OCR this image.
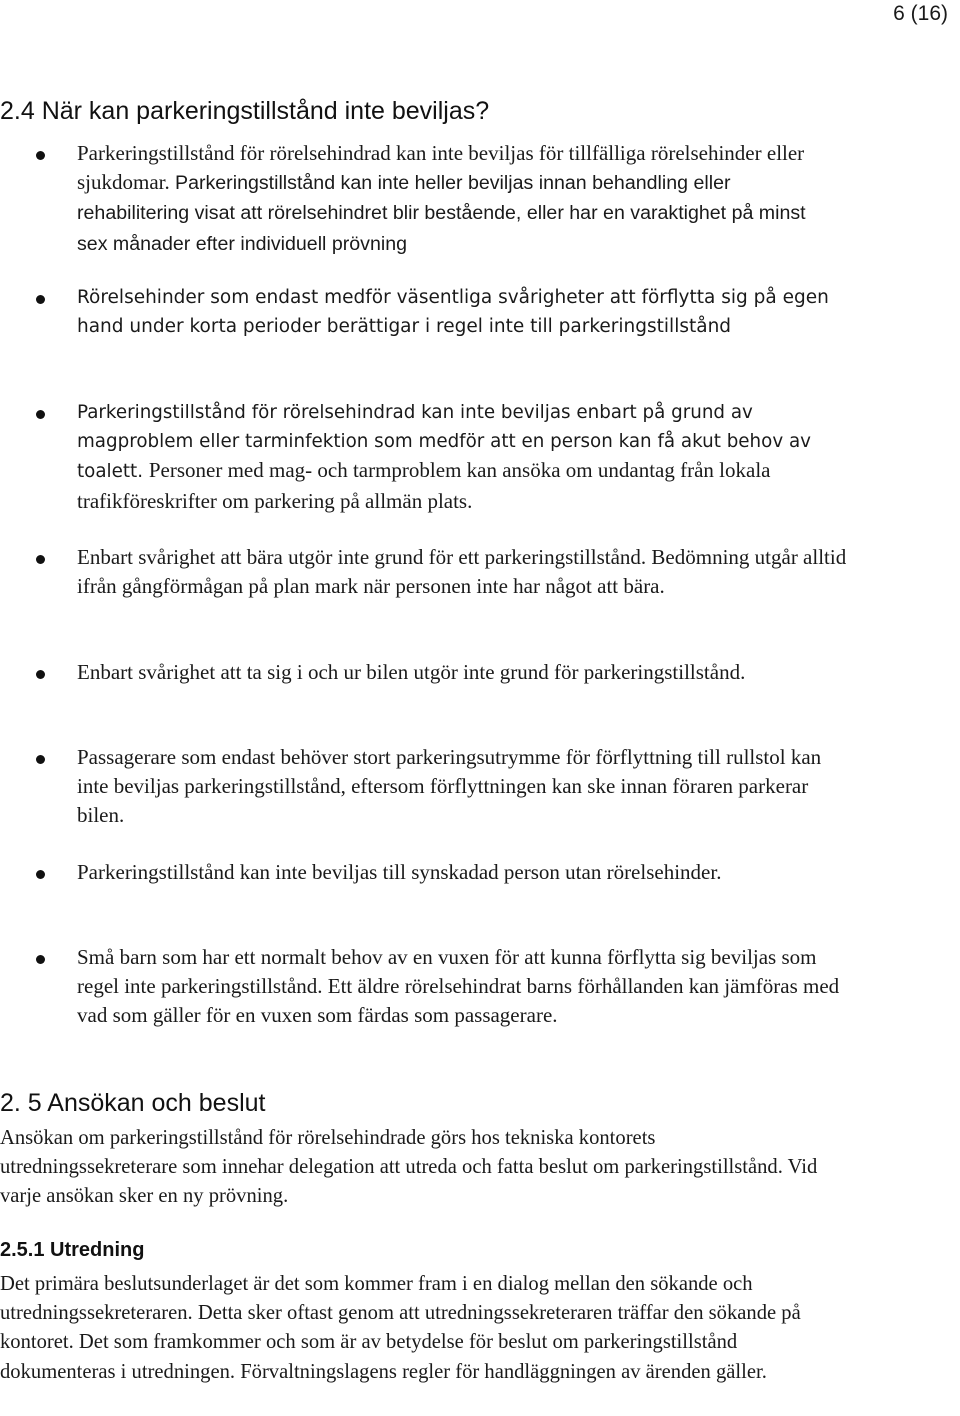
6 (16)
2.4 När kan parkeringstillstånd inte beviljas?

Parkeringstillstånd för rörelsehindrad kan inte beviljas för tillfälliga rörelsehinder eller sjukdomar. Parkeringstillstånd kan inte heller beviljas innan behandling eller rehabilitering visat att rörelsehindret blir bestående, eller har en varaktighet på minst sex månader efter individuell prövning

Rörelsehinder som endast medför väsentliga svårigheter att förflytta sig på egen hand under korta perioder berättigar i regel inte till parkeringstillstånd

Parkeringstillstånd för rörelsehindrad kan inte beviljas enbart på grund av magproblem eller tarminfektion som medför att en person kan få akut behov av toalett. Personer med mag- och tarmproblem kan ansöka om undantag från lokala trafikföreskrifter om parkering på allmän plats.

Enbart svårighet att bära utgör inte grund för ett parkeringstillstånd. Bedömning utgår alltid ifrån gångförmågan på plan mark när personen inte har något att bära.

Enbart svårighet att ta sig i och ur bilen utgör inte grund för parkeringstillstånd.

Passagerare som endast behöver stort parkeringsutrymme för förflyttning till rullstol kan inte beviljas parkeringstillstånd, eftersom förflyttningen kan ske innan föraren parkerar bilen.

Parkeringstillstånd kan inte beviljas till synskadad person utan rörelsehinder.

Små barn som har ett normalt behov av en vuxen för att kunna förflytta sig beviljas som regel inte parkeringstillstånd. Ett äldre rörelsehindrat barns förhållanden kan jämföras med vad som gäller för en vuxen som färdas som passagerare.

2. 5 Ansökan och beslut

Ansökan om parkeringstillstånd för rörelsehindrade görs hos tekniska kontorets utredningssekreterare som innehar delegation att utreda och fatta beslut om parkeringstillstånd. Vid varje ansökan sker en ny prövning.

2.5.1 Utredning

Det primära beslutsunderlaget är det som kommer fram i en dialog mellan den sökande och utredningssekreteraren. Detta sker oftast genom att utredningssekreteraren träffar den sökande på kontoret. Det som framkommer och som är av betydelse för beslut om parkeringstillstånd dokumenteras i utredningen. Förvaltningslagens regler för handläggningen av ärenden gäller.
